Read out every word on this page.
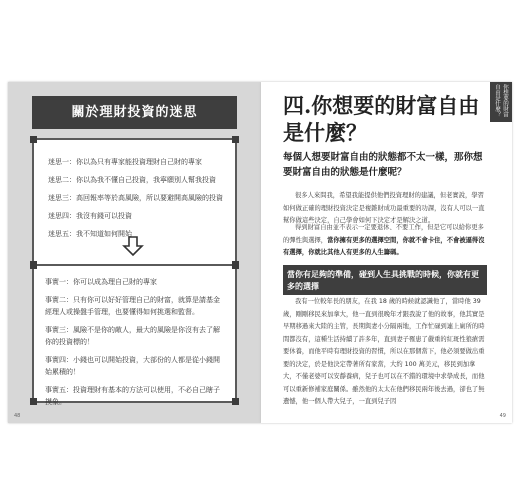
關於理財投資的迷思
迷思一：你以為只有專家能投資理財自己財的專家
迷思二：你以為我不懂自己投資，我寧願別人幫我投資
迷思三：高回報率等於高風險，所以要避開高風險的投資
迷思四：我沒有錢可以投資
迷思五：我不知道如何開始
事實一：你可以成為理自己財的專家
事實二：只有你可以好好管理自己的財富，就算是請基金經理人或操盤手管理，也要懂得如何挑選和監督。
事實三：風險不是你的敵人，最大的風險是你沒有去了解你的投資標的！
事實四：小錢也可以開始投資，大部份的人都是從小錢開始累積的！
事實五：投資理財有基本的方法可以使用，不必自己瞎子摸象。
48
你想要的財富自由是什麼？
四.你想要的財富自由
是什麼？

每個人想要財富自由的狀態都不太一樣，那你想要財富自由的狀態是什麼呢？

很多人來問我，希望我能提供他們投資理財的建議，但老實說，學習如何做正確的理財投資決定是複雜財成功最重要的功課，沒有人可以一直幫你做這些決定，自己學會如何下決定才是解決之道。

得到財富自由並不表示一定要退休、不要工作，但是它可以給你更多的彈性與選擇，當你擁有更多的選擇空間，你就不會卡住，不會被逼得沒有選擇，你就比其他人有更多的人生籌碼。

當你有足夠的準備，碰到人生具挑戰的時候，你就有更多的選擇

我有一位較年長的朋友，在我 18 歲的時候就認識他了，當時他 39 歲，剛剛移民來加拿大，他一直到很晚年才跟我說了他的故事，他其實是早期移過來大陸的主管，長期與妻小分隔兩地，工作忙碌到連上廁所的時間都沒有，這種生活持續了許多年，直到妻子罹患了嚴重的紅斑性狼瘡需要休養，而他平時有理財投資的習慣，所以在那個當下，他必須要做出重要的決定，於是他決定帶著所有家當，大約 100 萬美元，移民到加拿大，不僅老婆可以安靜養病，兒子也可以在不錯的環境中求學成長，而他可以重新修補家庭關係。雖然他的太太在他們移民兩年後去過，卻也了無遺憾，他一個人帶大兒子，一直到兒子因

49
